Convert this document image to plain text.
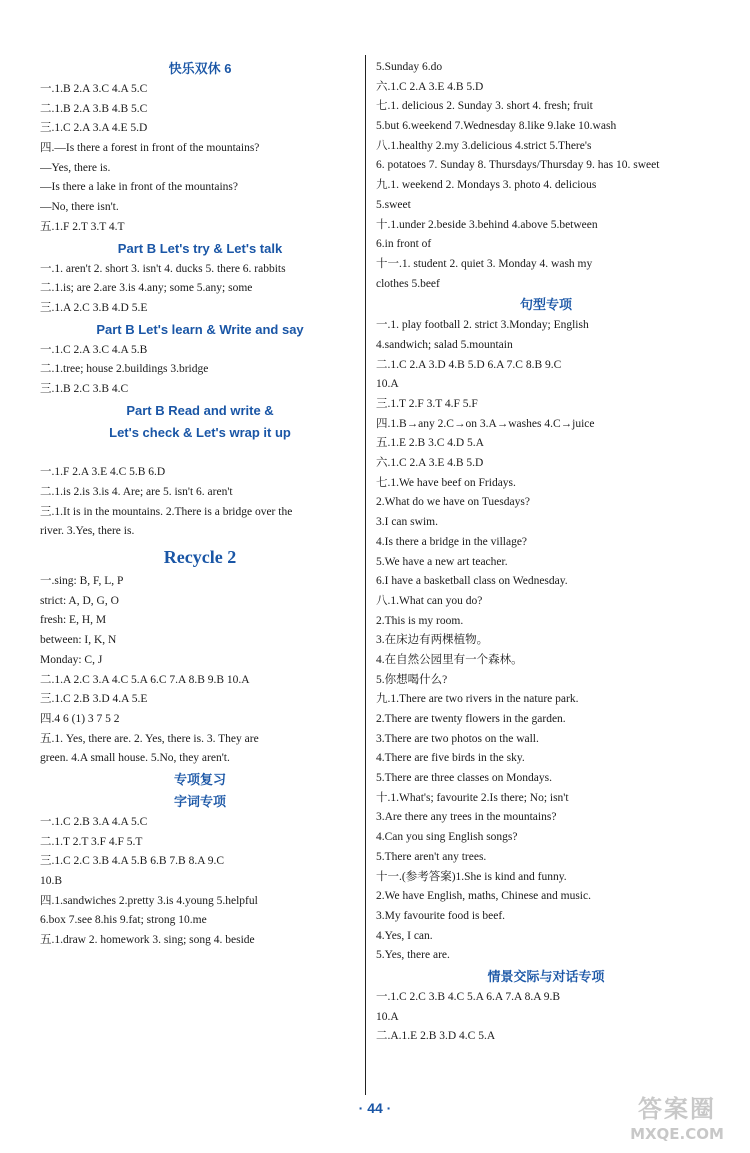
快乐双休 6
一.1.B 2.A 3.C 4.A 5.C
二.1.B 2.A 3.B 4.B 5.C
三.1.C 2.A 3.A 4.E 5.D
四.—Is there a forest in front of the mountains?
—Yes, there is.
—Is there a lake in front of the mountains?
—No, there isn't.
五.1.F 2.T 3.T 4.T
Part B Let's try & Let's talk
一.1. aren't 2. short 3. isn't 4. ducks 5. there 6. rabbits
二.1.is; are 2.are 3.is 4.any; some 5.any; some
三.1.A 2.C 3.B 4.D 5.E
Part B Let's learn & Write and say
一.1.C 2.A 3.C 4.A 5.B
二.1.tree; house 2.buildings 3.bridge
三.1.B 2.C 3.B 4.C
Part B Read and write &
Let's check & Let's wrap it up
一.1.F 2.A 3.E 4.C 5.B 6.D
二.1.is 2.is 3.is 4. Are; are 5. isn't 6. aren't
三.1.It is in the mountains. 2.There is a bridge over the
river. 3.Yes, there is.
Recycle 2
一.sing: B, F, L, P
strict: A, D, G, O
fresh: E, H, M
between: I, K, N
Monday: C, J
二.1.A 2.C 3.A 4.C 5.A 6.C 7.A 8.B 9.B 10.A
三.1.C 2.B 3.D 4.A 5.E
四.4 6 (1) 3 7 5 2
五.1. Yes, there are. 2. Yes, there is. 3. They are
green. 4.A small house. 5.No, they aren't.
专项复习
字词专项
一.1.C 2.B 3.A 4.A 5.C
二.1.T 2.T 3.F 4.F 5.T
三.1.C 2.C 3.B 4.A 5.B 6.B 7.B 8.A 9.C
10.B
四.1.sandwiches 2.pretty 3.is 4.young 5.helpful
6.box 7.see 8.his 9.fat; strong 10.me
五.1.draw 2. homework 3. sing; song 4. beside
5.Sunday 6.do
六.1.C 2.A 3.E 4.B 5.D
七.1. delicious 2. Sunday 3. short 4. fresh; fruit
5.but 6.weekend 7.Wednesday 8.like 9.lake 10.wash
八.1.healthy 2.my 3.delicious 4.strict 5.There's
6. potatoes 7. Sunday 8. Thursdays/Thursday 9. has 10. sweet
九.1. weekend 2. Mondays 3. photo 4. delicious
5.sweet
十.1.under 2.beside 3.behind 4.above 5.between
6.in front of
十一.1. student 2. quiet 3. Monday 4. wash my
clothes 5.beef
句型专项
一.1. play football 2. strict 3.Monday; English
4.sandwich; salad 5.mountain
二.1.C 2.A 3.D 4.B 5.D 6.A 7.C 8.B 9.C
10.A
三.1.T 2.F 3.T 4.F 5.F
四.1.B→any 2.C→on 3.A→washes 4.C→juice
五.1.E 2.B 3.C 4.D 5.A
六.1.C 2.A 3.E 4.B 5.D
七.1.We have beef on Fridays.
2.What do we have on Tuesdays?
3.I can swim.
4.Is there a bridge in the village?
5.We have a new art teacher.
6.I have a basketball class on Wednesday.
八.1.What can you do?
2.This is my room.
3.在床边有两棵植物。
4.在自然公园里有一个森林。
5.你想喝什么?
九.1.There are two rivers in the nature park.
2.There are twenty flowers in the garden.
3.There are two photos on the wall.
4.There are five birds in the sky.
5.There are three classes on Mondays.
十.1.What's; favourite 2.Is there; No; isn't
3.Are there any trees in the mountains?
4.Can you sing English songs?
5.There aren't any trees.
十一.(参考答案)1.She is kind and funny.
2.We have English, maths, Chinese and music.
3.My favourite food is beef.
4.Yes, I can.
5.Yes, there are.
情景交际与对话专项
一.1.C 2.C 3.B 4.C 5.A 6.A 7.A 8.A 9.B
10.A
二.A.1.E 2.B 3.D 4.C 5.A
· 44 ·	答案圈
MXQE.COM
